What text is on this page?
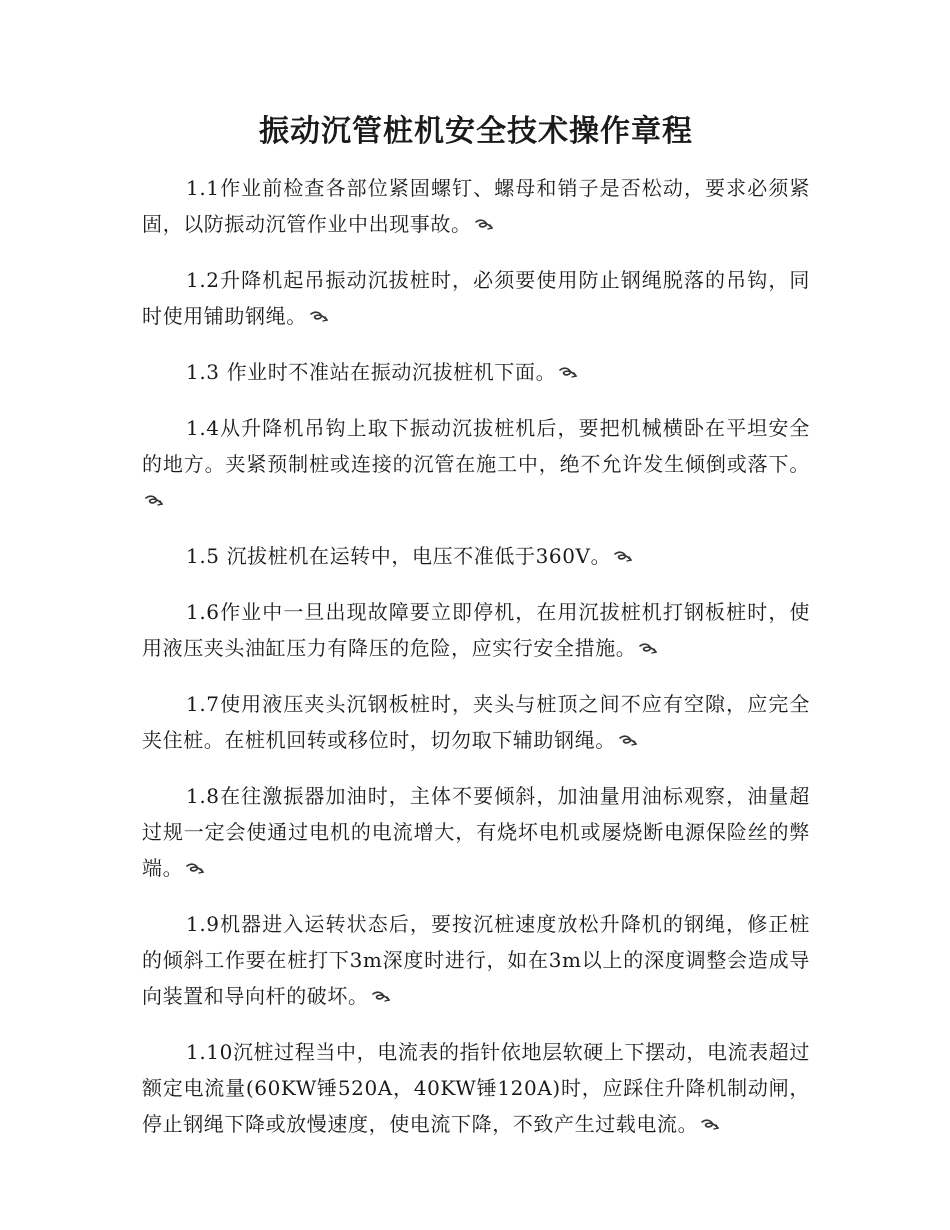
振动沉管桩机安全技术操作章程

1.1作业前检查各部位紧固螺钉、螺母和销子是否松动，要求必须紧固，以防振动沉管作业中出现事故。

1.2升降机起吊振动沉拔桩时，必须要使用防止钢绳脱落的吊钩，同时使用铺助钢绳。

1.3 作业时不准站在振动沉拔桩机下面。

1.4从升降机吊钩上取下振动沉拔桩机后，要把机械横卧在平坦安全的地方。夹紧预制桩或连接的沉管在施工中，绝不允许发生倾倒或落下。

1.5 沉拔桩机在运转中，电压不准低于360V。

1.6作业中一旦出现故障要立即停机，在用沉拔桩机打钢板桩时，使用液压夹头油缸压力有降压的危险，应实行安全措施。

1.7使用液压夹头沉钢板桩时，夹头与桩顶之间不应有空隙，应完全夹住桩。在桩机回转或移位时，切勿取下辅助钢绳。

1.8在往激振器加油时，主体不要倾斜，加油量用油标观察，油量超过规一定会使通过电机的电流增大，有烧坏电机或屡烧断电源保险丝的弊端。

1.9机器进入运转状态后，要按沉桩速度放松升降机的钢绳，修正桩的倾斜工作要在桩打下3m深度时进行，如在3m以上的深度调整会造成导向装置和导向杆的破坏。

1.10沉桩过程当中，电流表的指针依地层软硬上下摆动，电流表超过额定电流量(60KW锤520A，40KW锤120A)时，应踩住升降机制动闸，停止钢绳下降或放慢速度，使电流下降，不致产生过载电流。
